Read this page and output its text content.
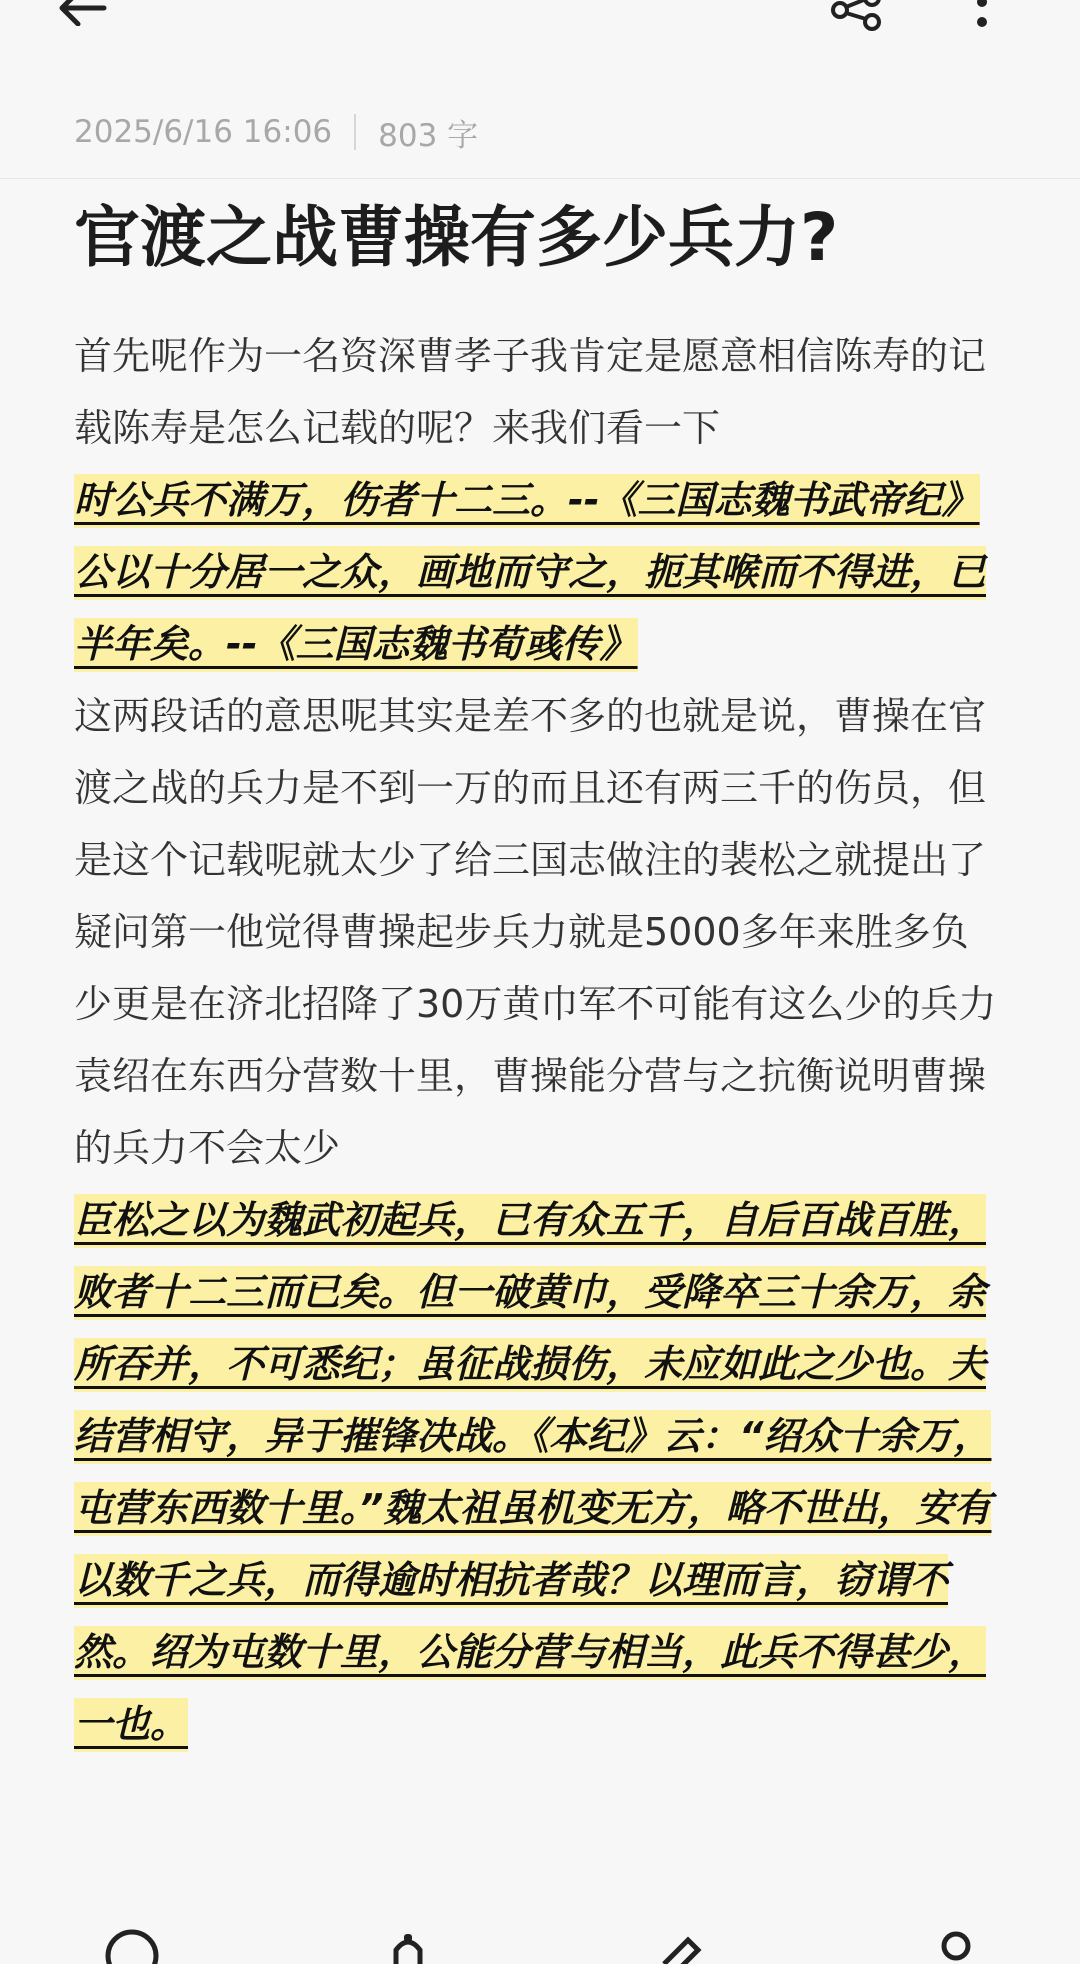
2025/6/16 16:06 803 字
官渡之战曹操有多少兵力?

首先呢作为一名资深曹孝子我肯定是愿意相信陈寿的记载陈寿是怎么记载的呢？来我们看一下

时公兵不满万，伤者十二三。--《三国志魏书武帝纪》

公以十分居一之众，画地而守之，扼其喉而不得进，已半年矣。--《三国志魏书荀彧传》

这两段话的意思呢其实是差不多的也就是说，曹操在官渡之战的兵力是不到一万的而且还有两三千的伤员，但是这个记载呢就太少了给三国志做注的裴松之就提出了疑问第一他觉得曹操起步兵力就是5000多年来胜多负少更是在济北招降了30万黄巾军不可能有这么少的兵力袁绍在东西分营数十里，曹操能分营与之抗衡说明曹操的兵力不会太少

臣松之以为魏武初起兵，已有众五千，自后百战百胜，败者十二三而已矣。但一破黄巾，受降卒三十余万，余所吞并，不可悉纪；虽征战损伤，未应如此之少也。夫结营相守，异于摧锋决战。《本纪》云：“绍众十余万，屯营东西数十里。”魏太祖虽机变无方，略不世出，安有以数千之兵，而得逾时相抗者哉？以理而言，窃谓不然。绍为屯数十里，公能分营与相当，此兵不得甚少，一也。
